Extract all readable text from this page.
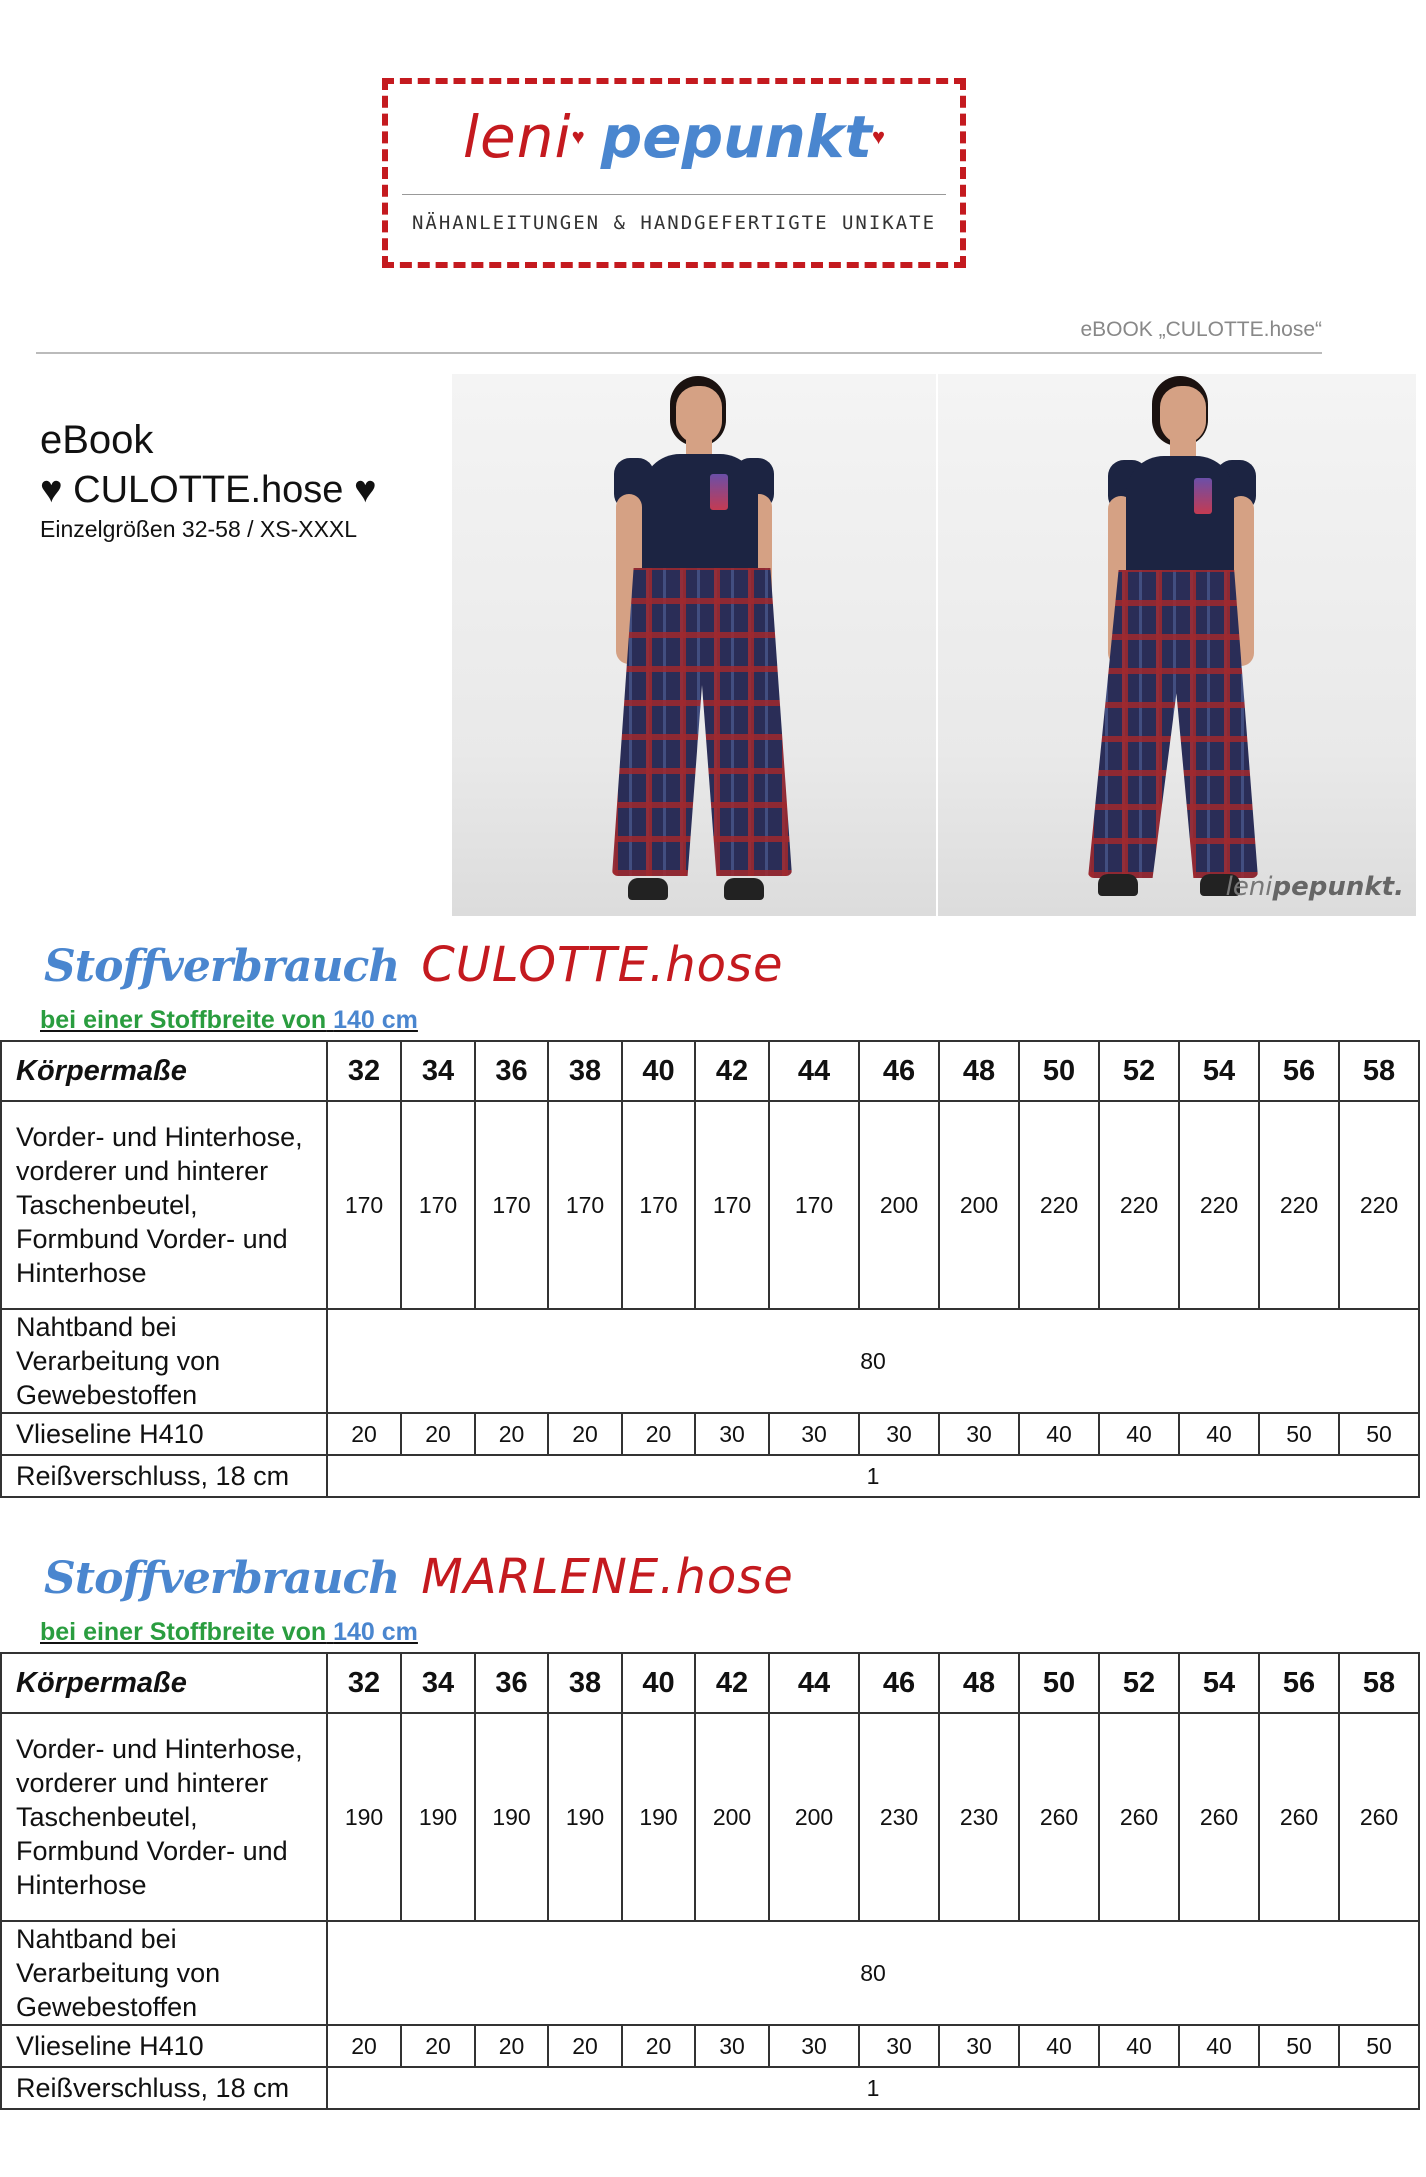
leni♥ pepunkt♥
NÄHANLEITUNGEN & HANDGEFERTIGTE UNIKATE
eBOOK „CULOTTE.hose“
eBook
♥ CULOTTE.hose ♥
Einzelgrößen 32-58 / XS-XXXL
lenipepunkt.
Stoffverbrauch CULOTTE.hose
bei einer Stoffbreite von 140 cm
Körpermaße	32	34	36	38	40	42	44	46	48	50	52	54	56	58
Vorder- und Hinterhose, vorderer und hinterer Taschenbeutel, Formbund Vorder- und Hinterhose	170	170	170	170	170	170	170	200	200	220	220	220	220	220
Nahtband bei Verarbeitung von Gewebestoffen	80													
Vlieseline H410	20	20	20	20	20	30	30	30	30	40	40	40	50	50
Reißverschluss, 18 cm	1													
Stoffverbrauch MARLENE.hose
bei einer Stoffbreite von 140 cm
Körpermaße	32	34	36	38	40	42	44	46	48	50	52	54	56	58
Vorder- und Hinterhose, vorderer und hinterer Taschenbeutel, Formbund Vorder- und Hinterhose	190	190	190	190	190	200	200	230	230	260	260	260	260	260
Nahtband bei Verarbeitung von Gewebestoffen	80													
Vlieseline H410	20	20	20	20	20	30	30	30	30	40	40	40	50	50
Reißverschluss, 18 cm	1													
